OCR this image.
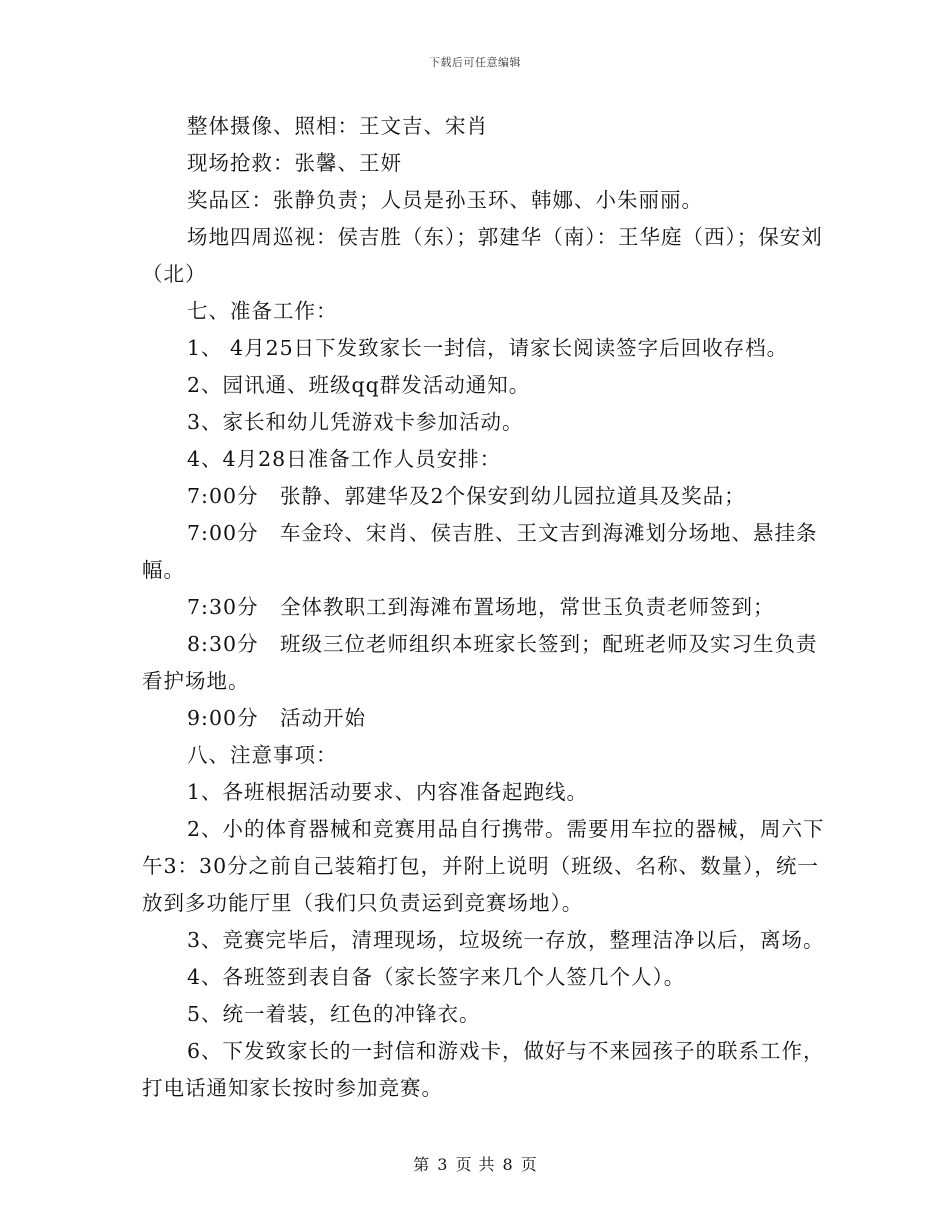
下载后可任意编辑

整体摄像、照相：王文吉、宋肖

现场抢救：张馨、王妍

奖品区：张静负责；人员是孙玉环、韩娜、小朱丽丽。

场地四周巡视：侯吉胜（东）；郭建华（南）：王华庭（西）；保安刘（北）

七、准备工作：

1、 4月25日下发致家长一封信，请家长阅读签字后回收存档。

2、园讯通、班级qq群发活动通知。

3、家长和幼儿凭游戏卡参加活动。

4、4月28日准备工作人员安排：

7:00分　张静、郭建华及2个保安到幼儿园拉道具及奖品；

7:00分　车金玲、宋肖、侯吉胜、王文吉到海滩划分场地、悬挂条幅。

7:30分　全体教职工到海滩布置场地，常世玉负责老师签到；

8:30分　班级三位老师组织本班家长签到；配班老师及实习生负责看护场地。

9:00分　活动开始

八、注意事项：

1、各班根据活动要求、内容准备起跑线。

2、小的体育器械和竞赛用品自行携带。需要用车拉的器械，周六下午3：30分之前自己装箱打包，并附上说明（班级、名称、数量），统一放到多功能厅里（我们只负责运到竞赛场地）。

3、竞赛完毕后，清理现场，垃圾统一存放，整理洁净以后，离场。

4、各班签到表自备（家长签字来几个人签几个人）。

5、统一着装，红色的冲锋衣。

6、下发致家长的一封信和游戏卡，做好与不来园孩子的联系工作，打电话通知家长按时参加竞赛。

第 3 页 共 8 页
